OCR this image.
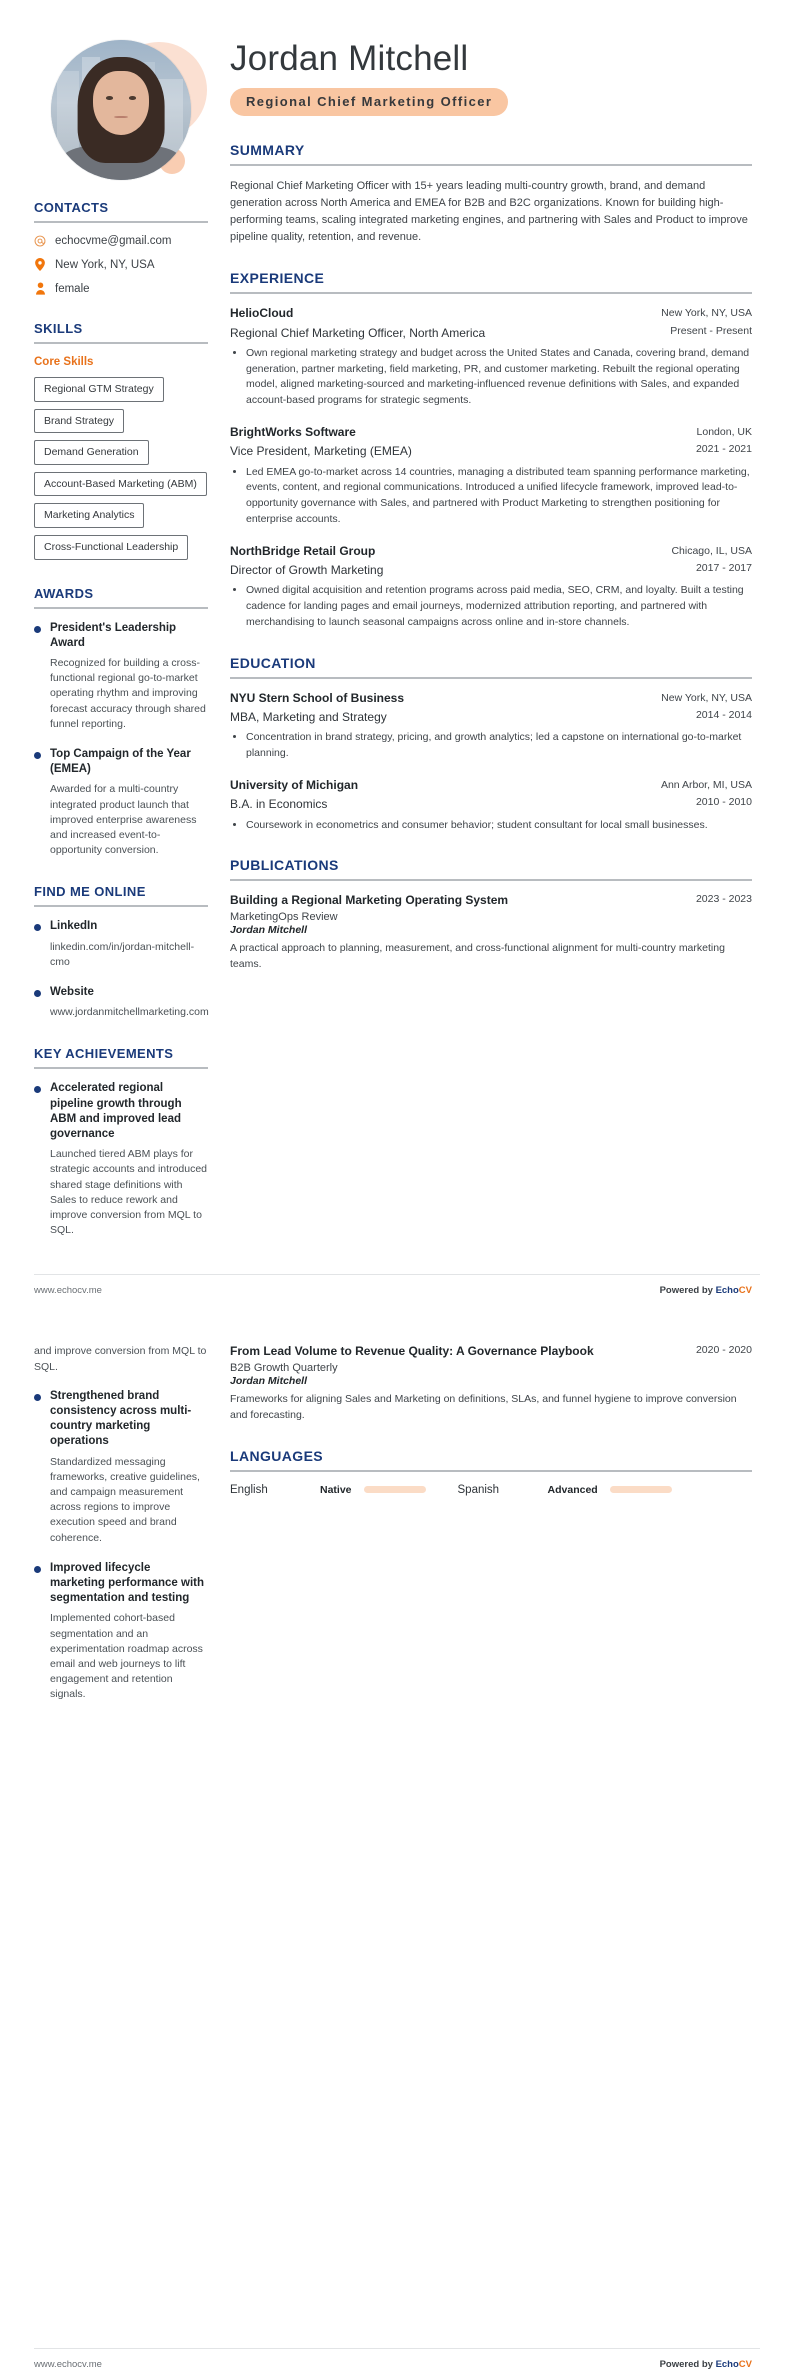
CONTACTS
echocvme@gmail.com
New York, NY, USA
female
SKILLS
Core Skills
Regional GTM Strategy
Brand Strategy
Demand Generation
Account-Based Marketing (ABM)
Marketing Analytics
Cross-Functional Leadership
AWARDS
President's Leadership Award
Recognized for building a cross-functional regional go-to-market operating rhythm and improving forecast accuracy through shared funnel reporting.
Top Campaign of the Year (EMEA)
Awarded for a multi-country integrated product launch that improved enterprise awareness and increased event-to-opportunity conversion.
FIND ME ONLINE
LinkedIn
linkedin.com/in/jordan-mitchell-cmo
Website
www.jordanmitchellmarketing.com
KEY ACHIEVEMENTS
Accelerated regional pipeline growth through ABM and improved lead governance
Launched tiered ABM plays for strategic accounts and introduced shared stage definitions with Sales to reduce rework and improve conversion from MQL to SQL.
Jordan Mitchell
Regional Chief Marketing Officer
SUMMARY
Regional Chief Marketing Officer with 15+ years leading multi-country growth, brand, and demand generation across North America and EMEA for B2B and B2C organizations. Known for building high-performing teams, scaling integrated marketing engines, and partnering with Sales and Product to improve pipeline quality, retention, and revenue.
EXPERIENCE
HelioCloud	New York, NY, USA
Regional Chief Marketing Officer, North America	Present - Present
• Own regional marketing strategy and budget across the United States and Canada, covering brand, demand generation, partner marketing, field marketing, PR, and customer marketing. Rebuilt the regional operating model, aligned marketing-sourced and marketing-influenced revenue definitions with Sales, and expanded account-based programs for strategic segments.
BrightWorks Software	London, UK
Vice President, Marketing (EMEA)	2021 - 2021
• Led EMEA go-to-market across 14 countries, managing a distributed team spanning performance marketing, events, content, and regional communications. Introduced a unified lifecycle framework, improved lead-to-opportunity governance with Sales, and partnered with Product Marketing to strengthen positioning for enterprise accounts.
NorthBridge Retail Group	Chicago, IL, USA
Director of Growth Marketing	2017 - 2017
• Owned digital acquisition and retention programs across paid media, SEO, CRM, and loyalty. Built a testing cadence for landing pages and email journeys, modernized attribution reporting, and partnered with merchandising to launch seasonal campaigns across online and in-store channels.
EDUCATION
NYU Stern School of Business	New York, NY, USA
MBA, Marketing and Strategy	2014 - 2014
• Concentration in brand strategy, pricing, and growth analytics; led a capstone on international go-to-market planning.
University of Michigan	Ann Arbor, MI, USA
B.A. in Economics	2010 - 2010
• Coursework in econometrics and consumer behavior; student consultant for local small businesses.
PUBLICATIONS
Building a Regional Marketing Operating System	2023 - 2023
MarketingOps Review
Jordan Mitchell
A practical approach to planning, measurement, and cross-functional alignment for multi-country marketing teams.
www.echocv.me	Powered by EchoCV
and improve conversion from MQL to SQL.
Strengthened brand consistency across multi-country marketing operations
Standardized messaging frameworks, creative guidelines, and campaign measurement across regions to improve execution speed and brand coherence.
Improved lifecycle marketing performance with segmentation and testing
Implemented cohort-based segmentation and an experimentation roadmap across email and web journeys to lift engagement and retention signals.
From Lead Volume to Revenue Quality: A Governance Playbook	2020 - 2020
B2B Growth Quarterly
Jordan Mitchell
Frameworks for aligning Sales and Marketing on definitions, SLAs, and funnel hygiene to improve conversion and forecasting.
LANGUAGES
English	Native	Spanish	Advanced
www.echocv.me	Powered by EchoCV
